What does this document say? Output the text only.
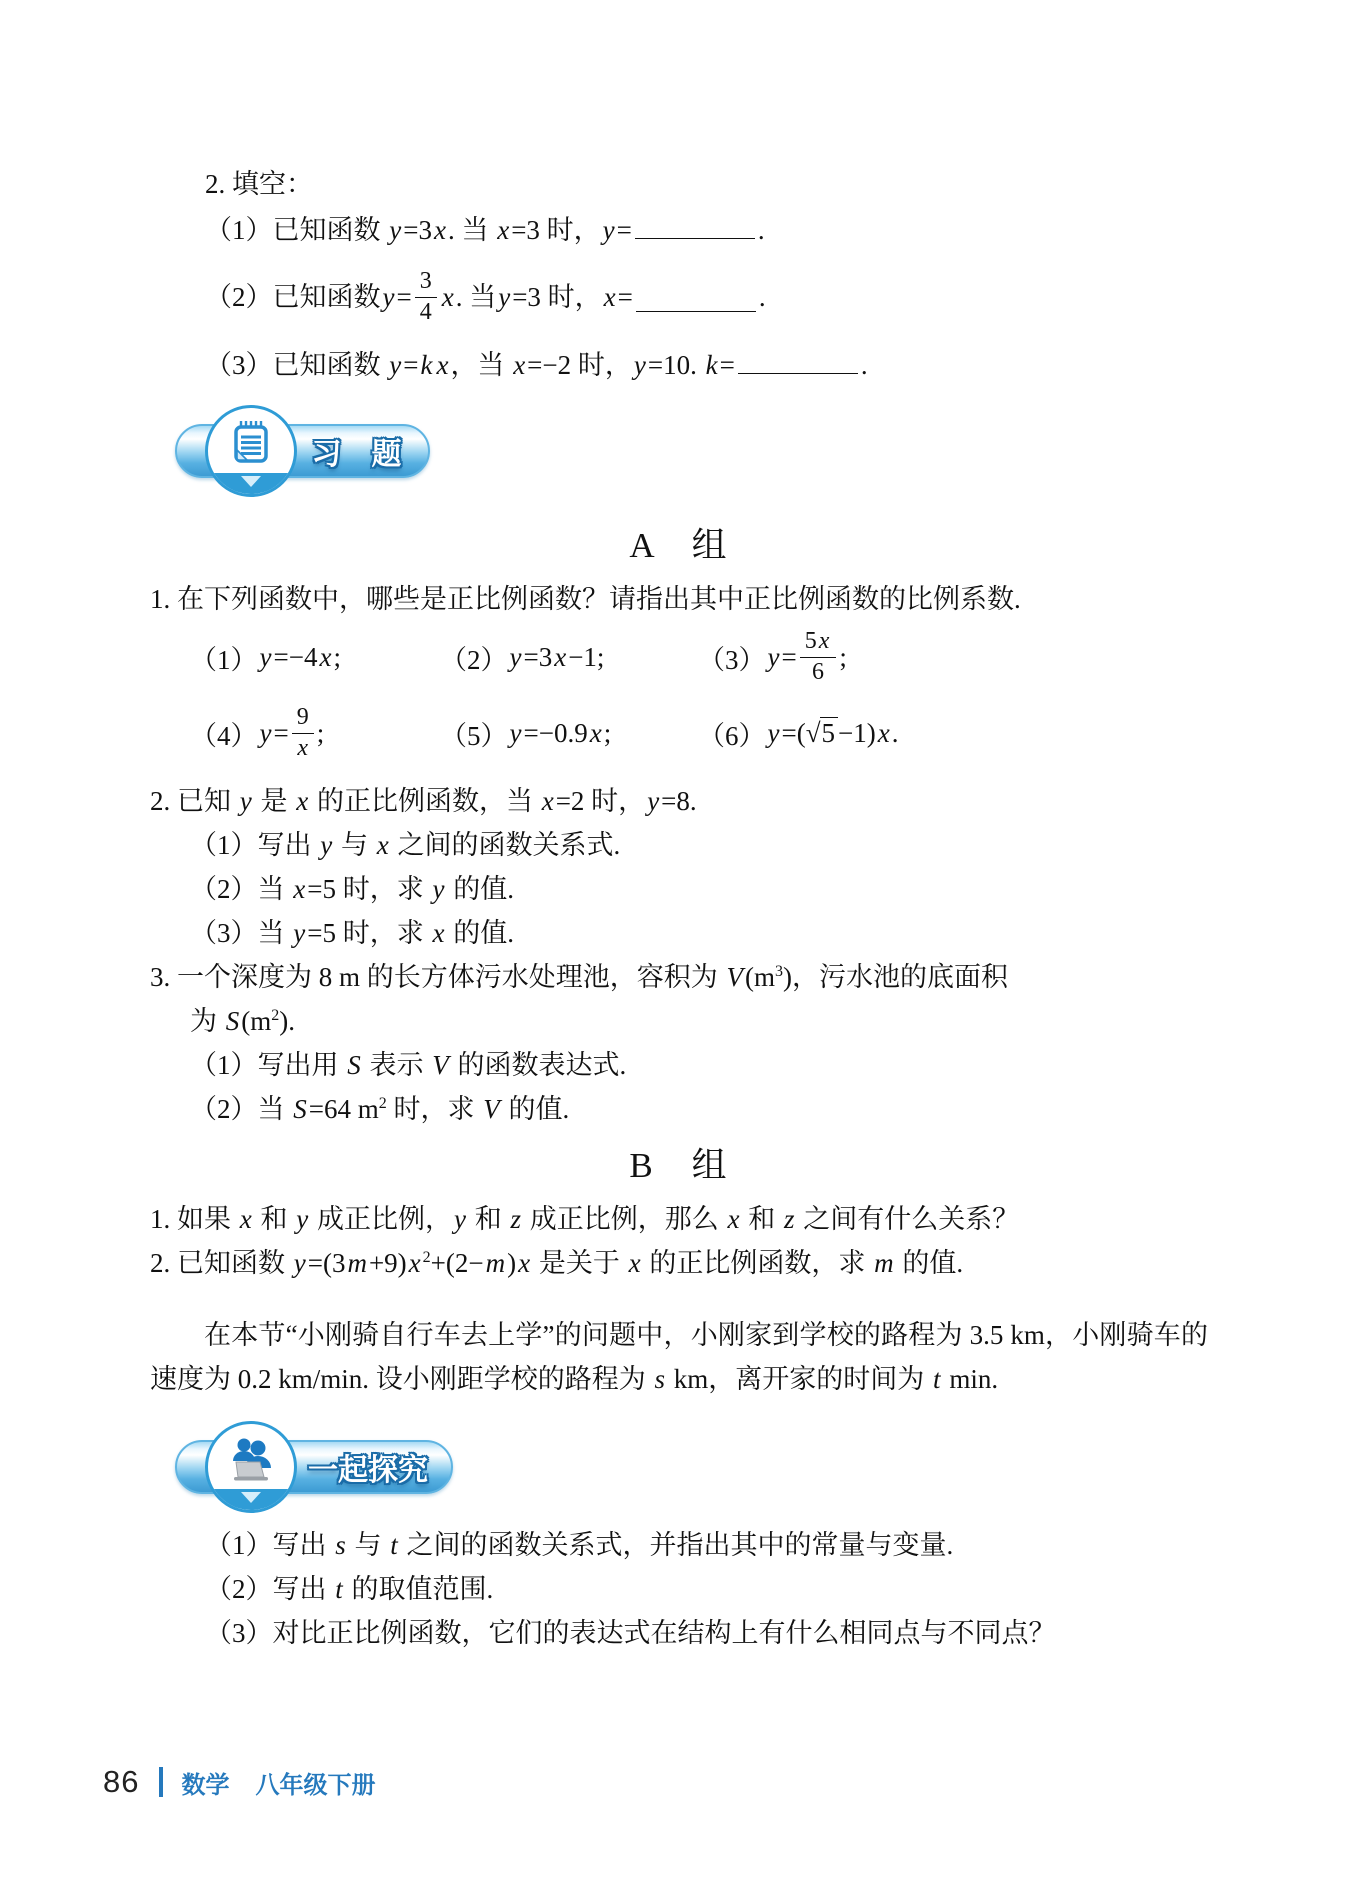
2. 填空：
（1）已知函数 y=3x. 当 x=3 时，y=	.
（2）已知函数 $y = \frac{3}{4}$ x . 当 y =3 时， x =	.
（3）已知函数 y=k x，当 x=−2 时，y=10. k=	.
习　题
A　组
1. 在下列函数中，哪些是正比例函数？请指出其中正比例函数的比例系数.
（1） y =−4 x ;	（2） y =3 x −1;	（3） $y = \frac{5x}{6}$ ;
（4） $y = \frac{9}{x}$ ;	（5） y =−0.9 x ;	（6） y =( √5 −1) x .
2. 已知 y 是 x 的正比例函数，当 x=2 时，y=8.
（1）写出 y 与 x 之间的函数关系式.
（2）当 x=5 时，求 y 的值.
（3）当 y=5 时，求 x 的值.
3. 一个深度为 8 m 的长方体污水处理池，容积为 $V(m^3)$，污水池的底面积
为 $S(m^2)$.
（1）写出用 S 表示 V 的函数表达式.
（2）当 S=64 $m^2$ 时，求 V 的值.
B　组
1. 如果 x 和 y 成正比例，y 和 z 成正比例，那么 x 和 z 之间有什么关系？
2. 已知函数 y=(3m+9)x $^2$+(2−m)x 是关于 x 的正比例函数，求 m 的值.
在本节“小刚骑自行车去上学”的问题中，小刚家到学校的路程为 3.5 km，小刚骑车的速度为 0.2 km/min. 设小刚距学校的路程为 s km，离开家的时间为 t min.
一起探究
（1）写出 s 与 t 之间的函数关系式，并指出其中的常量与变量.
（2）写出 t 的取值范围.
（3）对比正比例函数，它们的表达式在结构上有什么相同点与不同点？
86 数学 八年级下册
